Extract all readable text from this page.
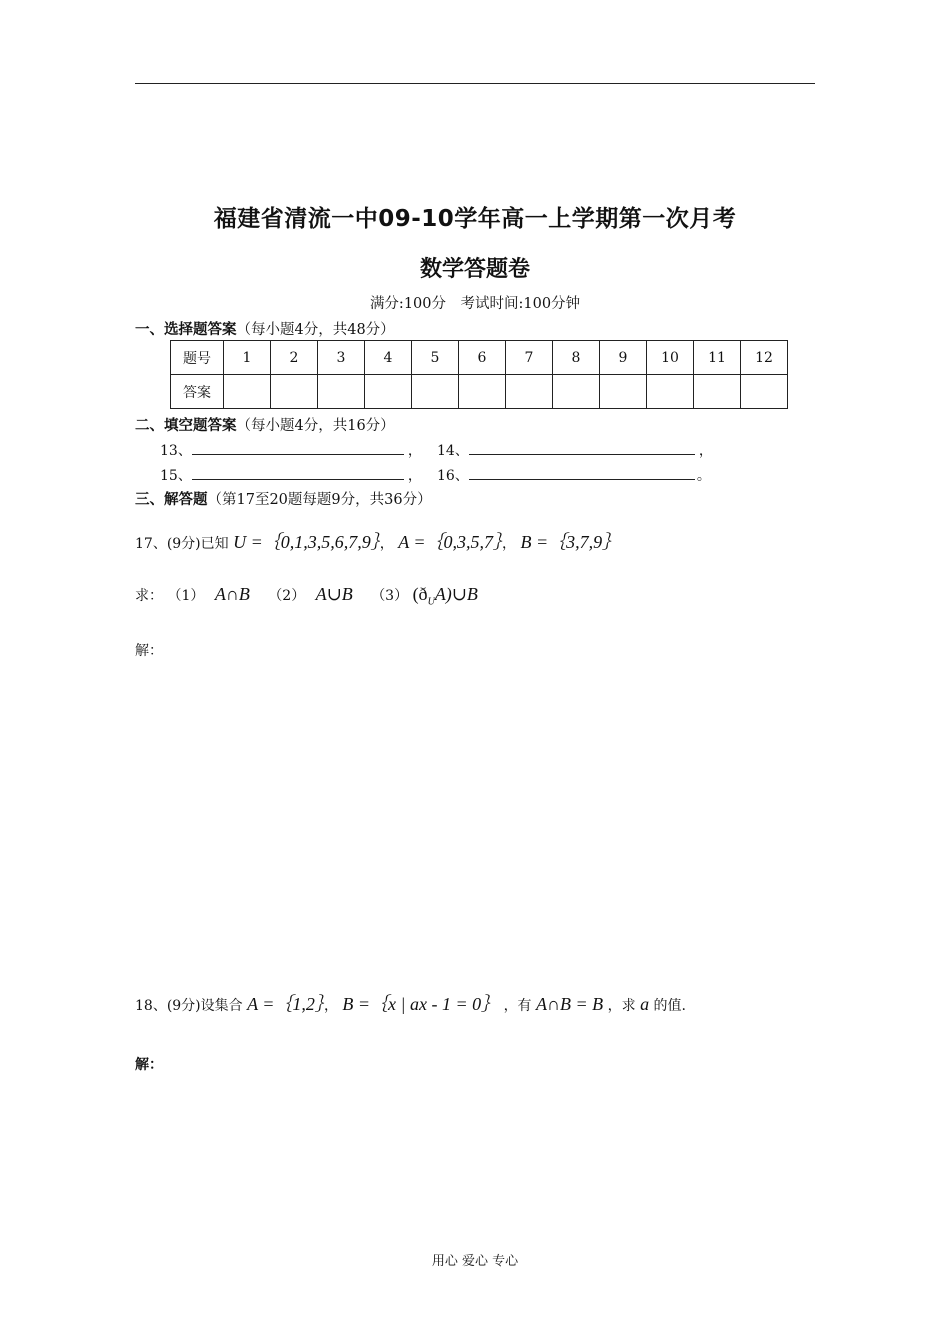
福建省清流一中09-10学年高一上学期第一次月考
数学答题卷
满分:100分　考试时间:100分钟
一、选择题答案（每小题4分，共48分）
题号	1	2	3	4	5	6	7	8	9	10	11	12
答案												
二、填空题答案（每小题4分，共16分）
13、	， 14、	，
15、	， 16、	。
三、解答题（第17至20题每题9分，共36分）
17、(9分)已知 U =｛0,1,3,5,6,7,9｝， A =｛0,3,5,7｝， B =｛3,7,9｝
求： （1） A∩B （2） A∪B （3） $(ð_UA)\cup B$
解：
18、(9分)设集合 A =｛1,2｝， B =｛x | ax - 1 = 0｝ ，有 A∩B = B ，求 a 的值.
解：
用心 爱心 专心
